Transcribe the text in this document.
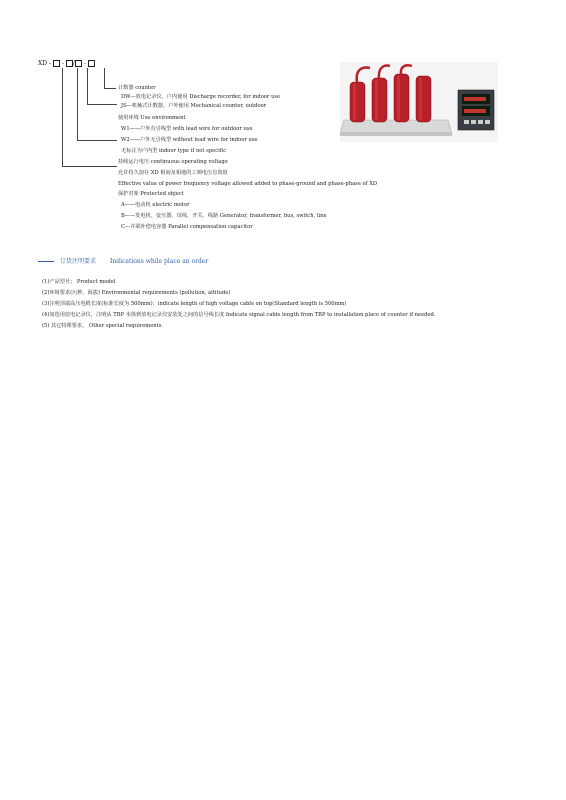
XD - - / -
计数器 counter
DW—放电记录仪，户内使用 Discharge recorder, for indoor use
JS—机械式计数器，户外使用 Mechanical counter, outdoor
使用环境 Use environment
W1——户外有引线型 with lead wire for outdoor use
W2——户外无引线型 without lead wire for indoor use
无标注为户内型 indoor type if not specific
持续运行电压 continuous operating voltage
允许持久加在 XD 相间及相地的工频电压有效值
Effective value of power frequency voltage allowed added to phase-ground and phase-phase of XD
保护对象 Protected object
A——电动机 electric motor
B——发电机、变压器、母线、开关、线路 Generator, transformer, bus, switch, line
C—并联补偿电容器 Parallel compensation capacitor
订货注明要求 Indications while place an order
(1)产品型号； Product model
(2)环境要求(污秽、海拔) Environmental requirements (pollution, altitude)
(3)注明顶端高压电缆长度(标准长度为 500mm)；indicate length of high voltage cable on top(Standard length is 500mm)
(4)如选用放电记录仪，注明从 TBP 本体到放电记录仪安装处之间的信号线长度 Indicate signal cable length from TBP to installation place of counter if needed.
(5) 其它特殊要求。 Other special requirements.
